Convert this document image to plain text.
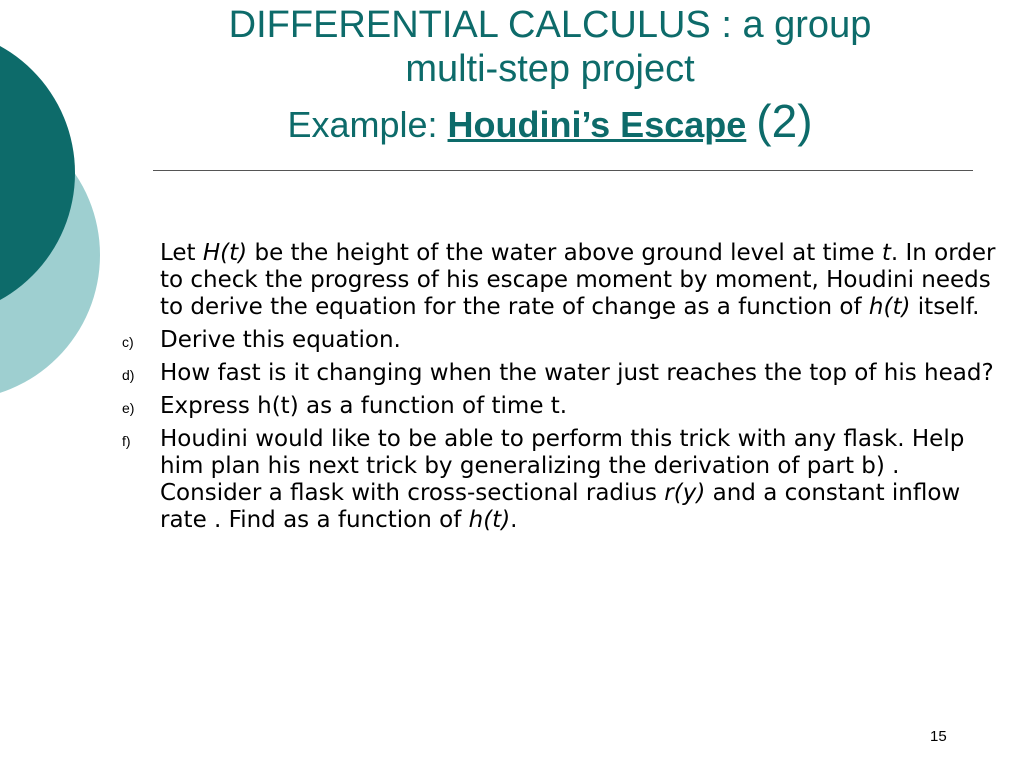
DIFFERENTIAL CALCULUS : a group
multi-step project
Example: Houdini’s Escape (2)
Let H(t) be the height of the water above ground level at time t. In order to check the progress of his escape moment by moment, Houdini needs to derive the equation for the rate of change as a function of h(t) itself.
c) Derive this equation.
d) How fast is it changing when the water just reaches the top of his head?
e) Express h(t) as a function of time t.
f) Houdini would like to be able to perform this trick with any flask. Help him plan his next trick by generalizing the derivation of part b) . Consider a flask with cross-sectional radius r(y) and a constant inflow rate . Find as a function of h(t).
15
